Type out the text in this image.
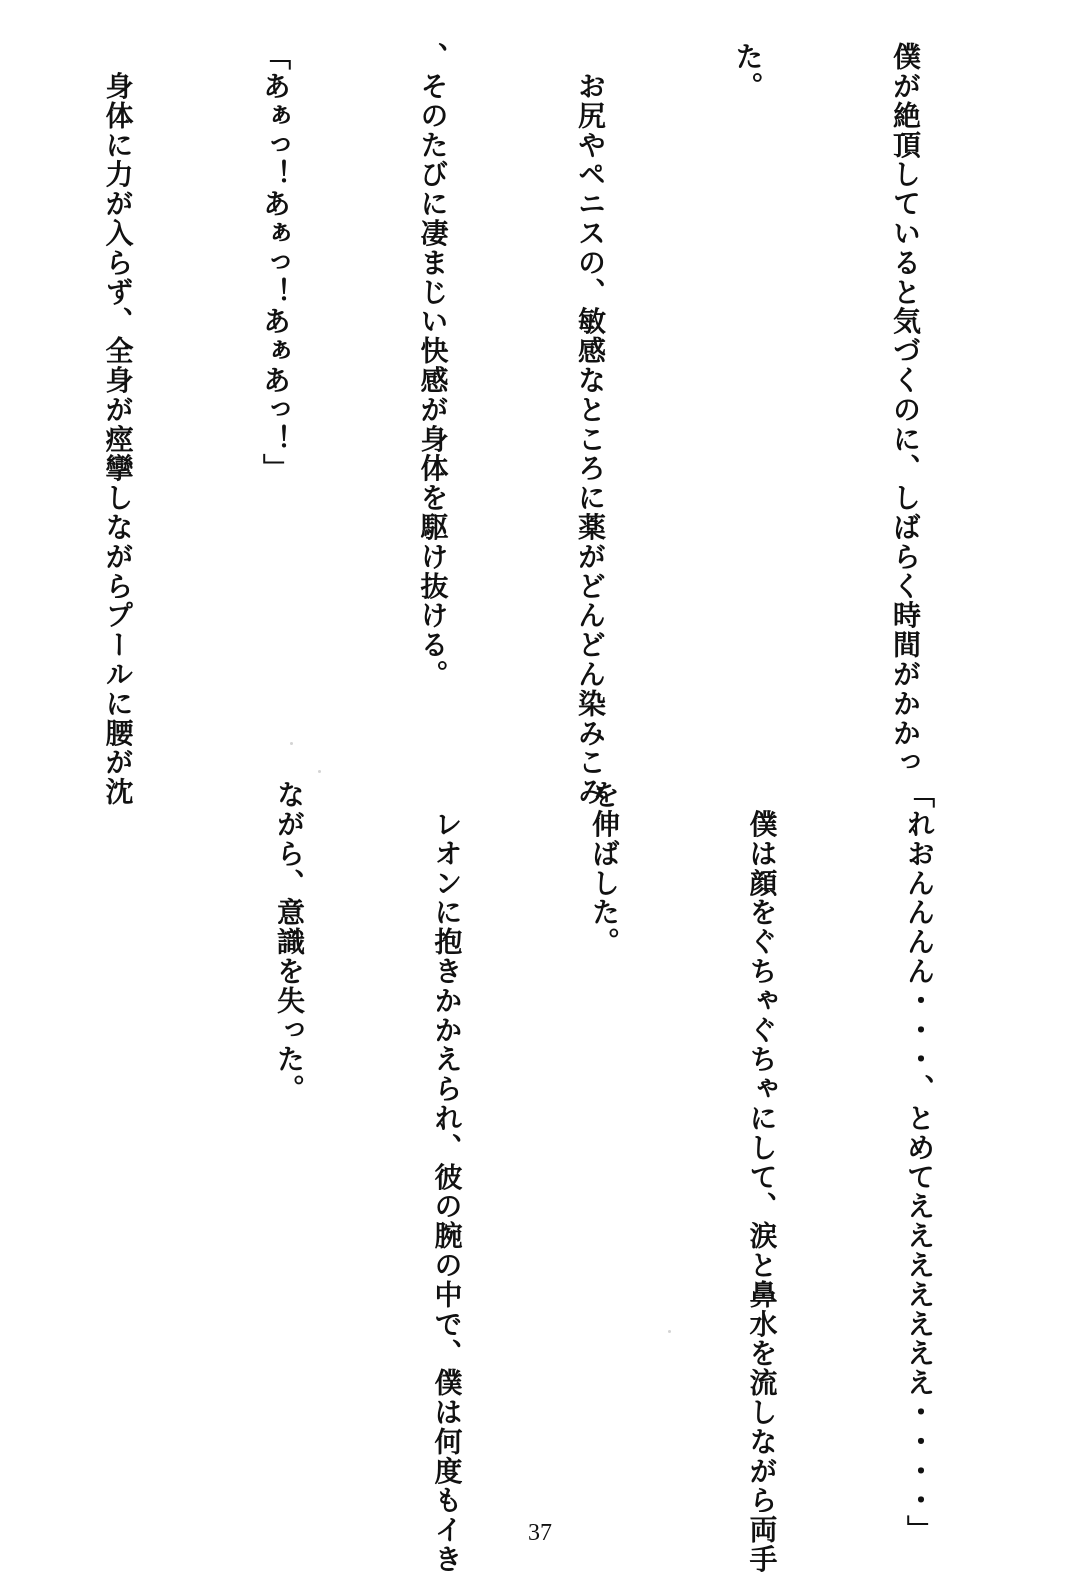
僕が絶頂していると気づくのに、しばらく時間がかかっ

た。

　お尻やペニスの、敏感なところに薬がどんどん染みこみ

、そのたびに凄まじい快感が身体を駆け抜ける。

「あぁっ！あぁっ！あぁあっ！」

　身体に力が入らず、全身が痙攣しながらプールに腰が沈

「れおんんんん・・・、とめてえええええええ・・・・」

　僕は顔をぐちゃぐちゃにして、涙と鼻水を流しながら両手

を伸ばした。

　レオンに抱きかかえられ、彼の腕の中で、僕は何度もイき

ながら、意識を失った。

37
